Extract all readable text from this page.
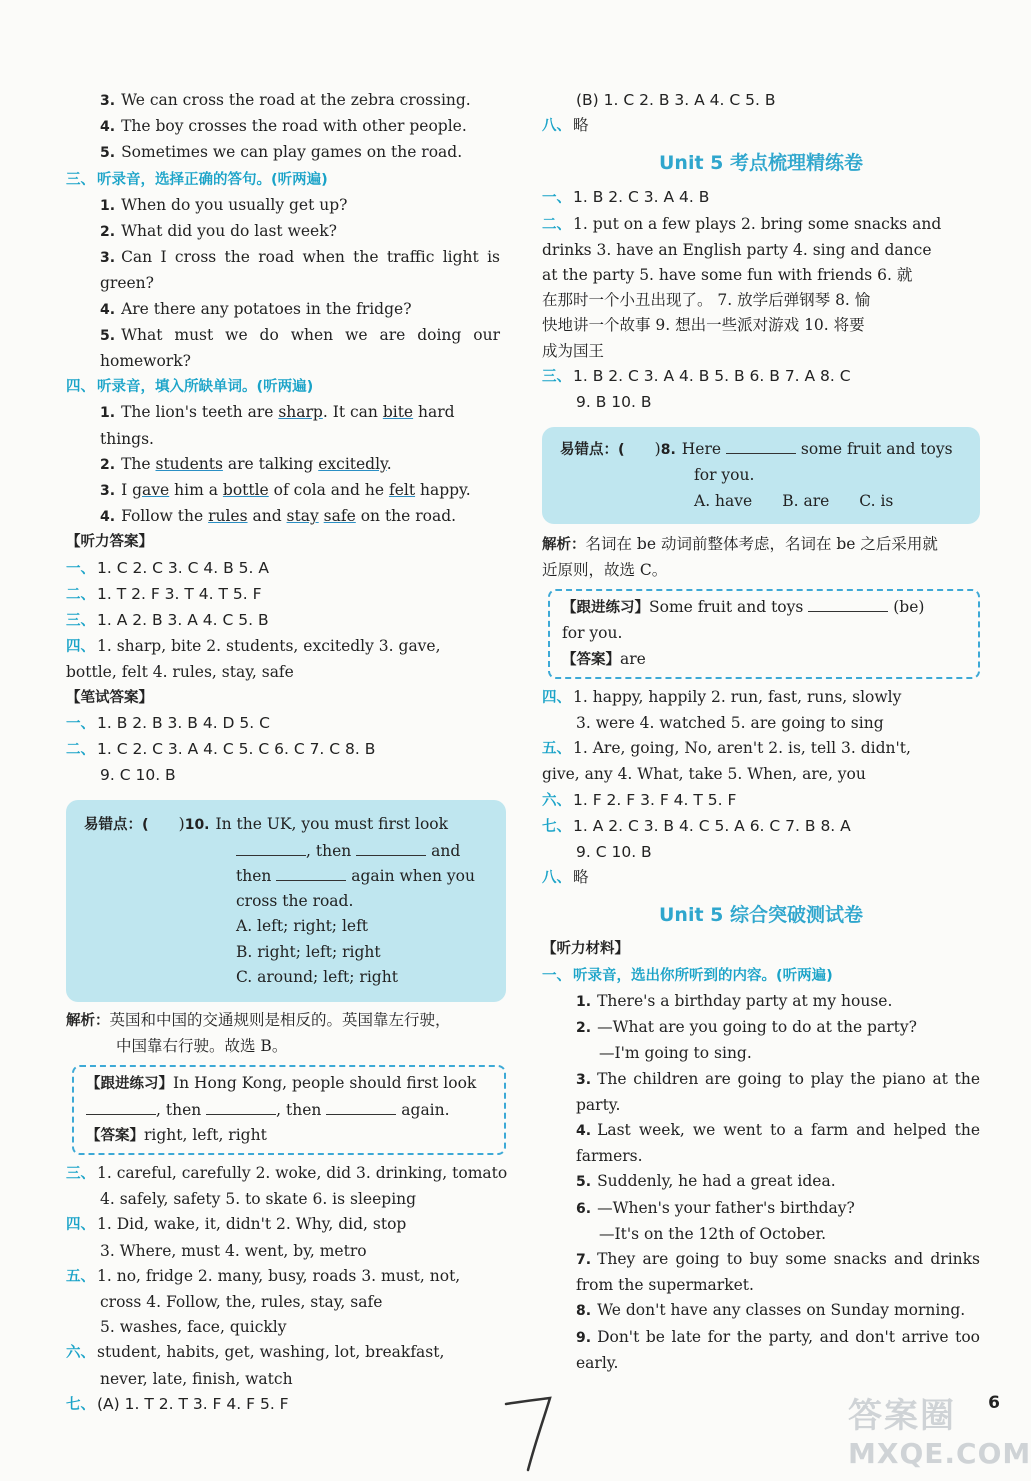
3. We can cross the road at the zebra crossing.
4. The boy crosses the road with other people.
5. Sometimes we can play games on the road.
三、 听录音，选择正确的答句。(听两遍)
1. When do you usually get up?
2. What did you do last week?
3. Can I cross the road when the traffic light is green?
4. Are there any potatoes in the fridge?
5. What must we do when we are doing our homework?
四、 听录音，填入所缺单词。(听两遍)
1. The lion's teeth are sharp. It can bite hard things.
2. The students are talking excitedly.
3. I gave him a bottle of cola and he felt happy.
4. Follow the rules and stay safe on the road.
【听力答案】
一、 1. C 2. C 3. C 4. B 5. A
二、 1. T 2. F 3. T 4. T 5. F
三、 1. A 2. B 3. A 4. C 5. B
四、 1. sharp, bite 2. students, excitedly 3. gave,
bottle, felt 4. rules, stay, safe
【笔试答案】
一、 1. B 2. B 3. B 4. D 5. C
二、 1. C 2. C 3. A 4. C 5. C 6. C 7. C 8. B
9. C 10. B
易错点：( )10. In the UK, you must first look
, then	and
then	again when you
cross the road.
A. left; right; left
B. right; left; right
C. around; left; right
解析：英国和中国的交通规则是相反的。英国靠左行驶，
中国靠右行驶。故选 B。
【跟进练习】In Hong Kong, people should first look
, then	, then	again.
【答案】right, left, right
三、 1. careful, carefully 2. woke, did 3. drinking, tomato
4. safely, safety 5. to skate 6. is sleeping
四、 1. Did, wake, it, didn't 2. Why, did, stop
3. Where, must 4. went, by, metro
五、 1. no, fridge 2. many, busy, roads 3. must, not,
cross 4. Follow, the, rules, stay, safe
5. washes, face, quickly
六、 student, habits, get, washing, lot, breakfast,
never, late, finish, watch
七、 (A) 1. T 2. T 3. F 4. F 5. F
(B) 1. C 2. B 3. A 4. C 5. B
八、 略
Unit 5 考点梳理精练卷
一、 1. B 2. C 3. A 4. B
二、 1. put on a few plays 2. bring some snacks and
drinks 3. have an English party 4. sing and dance
at the party 5. have some fun with friends 6. 就
在那时一个小丑出现了。 7. 放学后弹钢琴 8. 愉
快地讲一个故事 9. 想出一些派对游戏 10. 将要
成为国王
三、 1. B 2. C 3. A 4. B 5. B 6. B 7. A 8. C
9. B 10. B
易错点：( )8. Here	some fruit and toys
for you.
A. have B. are C. is
解析：名词在 be 动词前整体考虑，名词在 be 之后采用就
近原则，故选 C。
【跟进练习】Some fruit and toys	(be)
for you.
【答案】are
四、 1. happy, happily 2. run, fast, runs, slowly
3. were 4. watched 5. are going to sing
五、 1. Are, going, No, aren't 2. is, tell 3. didn't,
give, any 4. What, take 5. When, are, you
六、 1. F 2. F 3. F 4. T 5. F
七、 1. A 2. C 3. B 4. C 5. A 6. C 7. B 8. A
9. C 10. B
八、 略
Unit 5 综合突破测试卷
【听力材料】
一、 听录音，选出你所听到的内容。(听两遍)
1. There's a birthday party at my house.
2. —What are you going to do at the party?
—I'm going to sing.
3. The children are going to play the piano at the party.
4. Last week, we went to a farm and helped the farmers.
5. Suddenly, he had a great idea.
6. —When's your father's birthday?
—It's on the 12th of October.
7. They are going to buy some snacks and drinks from the supermarket.
8. We don't have any classes on Sunday morning.
9. Don't be late for the party, and don't arrive too early.
答案圈
MXQE.COM
6
